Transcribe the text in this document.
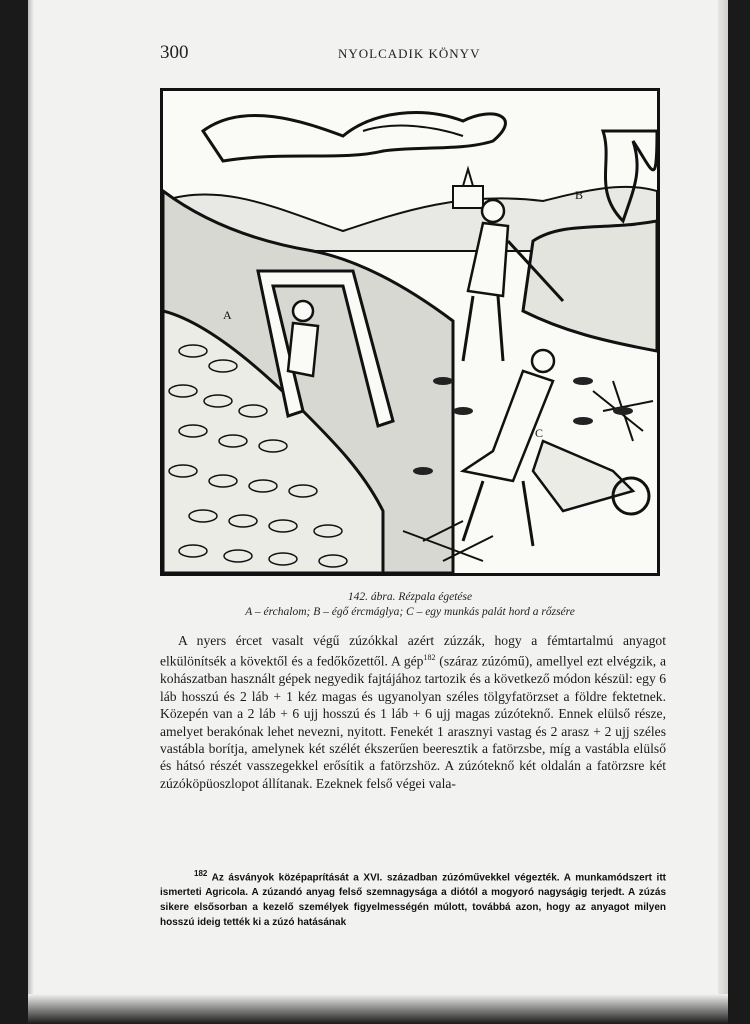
300	NYOLCADIK KÖNYV
A
B
C
142. ábra. Rézpala égetése
A – érchalom; B – égő ércmáglya; C – egy munkás palát hord a rőzsére

A nyers ércet vasalt végű zúzókkal azért zúzzák, hogy a fémtartalmú anyagot elkülönítsék a kövektől és a fedőkőzettől. A gép$^{182}$ (száraz zúzómű), amellyel ezt elvégzik, a kohászatban használt gépek negyedik fajtájához tartozik és a következő módon készül: egy 6 láb hosszú és 2 láb + 1 kéz magas és ugyanolyan széles tölgyfatörzset a földre fektetnek. Közepén van a 2 láb + 6 ujj hosszú és 1 láb + 6 ujj magas zúzóteknő. Ennek elülső része, amelyet berakónak lehet nevezni, nyitott. Fenekét 1 arasznyi vastag és 2 arasz + 2 ujj széles vastábla borítja, amelynek két szélét ékszerűen beeresztik a fatörzsbe, míg a vastábla elülső és hátsó részét vasszegekkel erősítik a fatörzshöz. A zúzóteknő két oldalán a fatörzsre két zúzóköpüoszlopot állítanak. Ezeknek felső végei vala-

$^{182}$ Az ásványok középaprítását a XVI. században zúzóművekkel végezték. A munkamódszert itt ismerteti Agricola. A zúzandó anyag felső szemnagysága a diótól a mogyoró nagyságig terjedt. A zúzás sikere elsősorban a kezelő személyek figyelmességén múlott, továbbá azon, hogy az anyagot milyen hosszú ideig tették ki a zúzó hatásának
